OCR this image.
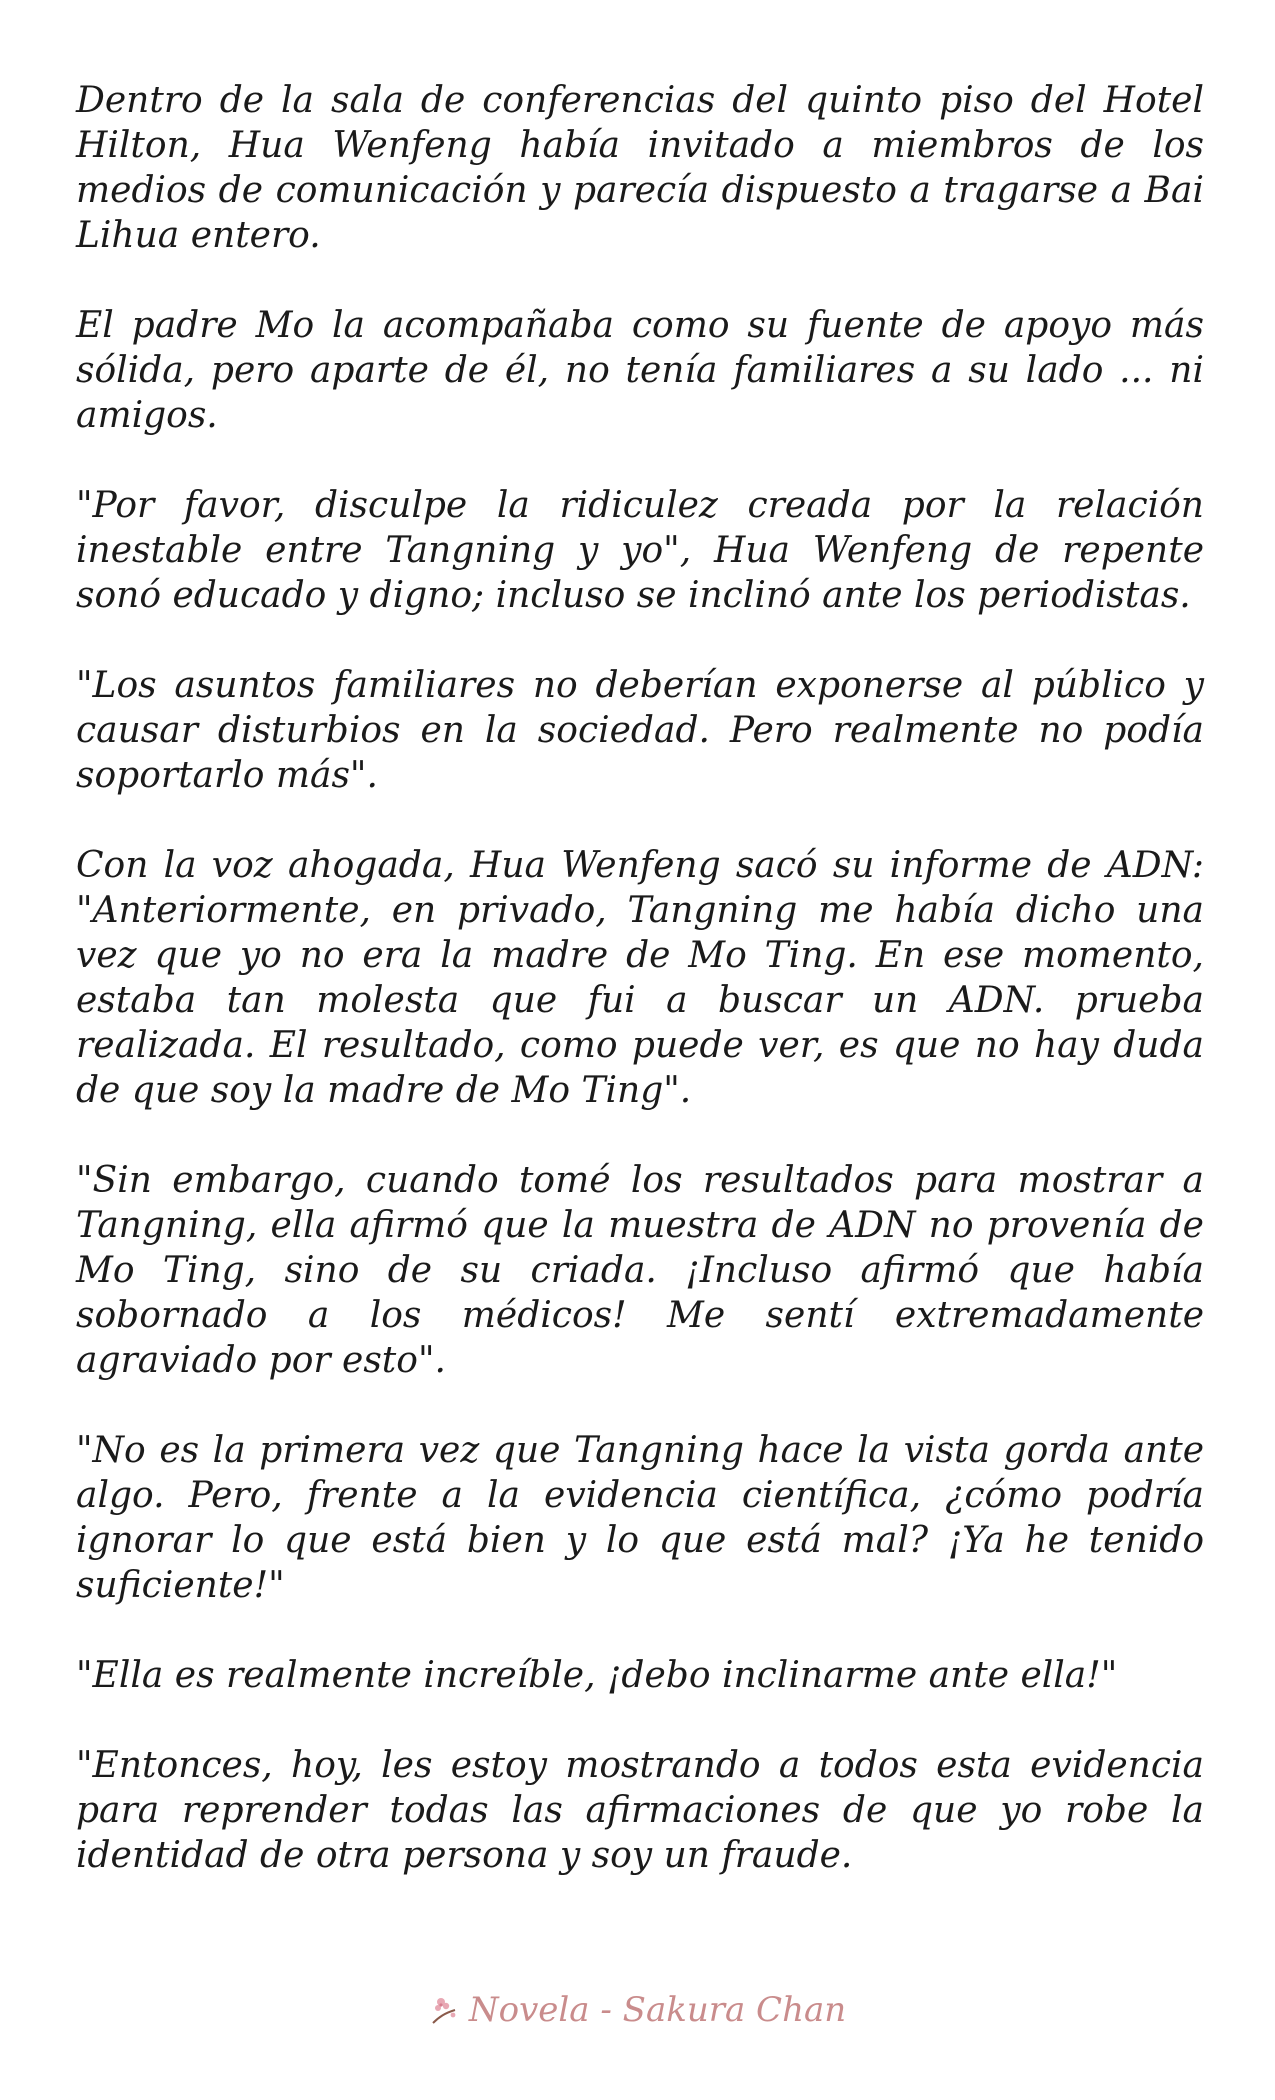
Dentro de la sala de conferencias del quinto piso del Hotel Hilton, Hua Wenfeng había invitado a miembros de los medios de comunicación y parecía dispuesto a tragarse a Bai Lihua entero.

El padre Mo la acompañaba como su fuente de apoyo más sólida, pero aparte de él, no tenía familiares a su lado ... ni amigos.

"Por favor, disculpe la ridiculez creada por la relación inestable entre Tangning y yo", Hua Wenfeng de repente sonó educado y digno; incluso se inclinó ante los periodistas.

"Los asuntos familiares no deberían exponerse al público y causar disturbios en la sociedad. Pero realmente no podía soportarlo más".

Con la voz ahogada, Hua Wenfeng sacó su informe de ADN: "Anteriormente, en privado, Tangning me había dicho una vez que yo no era la madre de Mo Ting. En ese momento, estaba tan molesta que fui a buscar un ADN. prueba realizada. El resultado, como puede ver, es que no hay duda de que soy la madre de Mo Ting".

"Sin embargo, cuando tomé los resultados para mostrar a Tangning, ella afirmó que la muestra de ADN no provenía de Mo Ting, sino de su criada. ¡Incluso afirmó que había sobornado a los médicos! Me sentí extremadamente agraviado por esto".

"No es la primera vez que Tangning hace la vista gorda ante algo. Pero, frente a la evidencia científica, ¿cómo podría ignorar lo que está bien y lo que está mal? ¡Ya he tenido suficiente!"

"Ella es realmente increíble, ¡debo inclinarme ante ella!"

"Entonces, hoy, les estoy mostrando a todos esta evidencia para reprender todas las afirmaciones de que yo robe la identidad de otra persona y soy un fraude.

Novela - Sakura Chan
